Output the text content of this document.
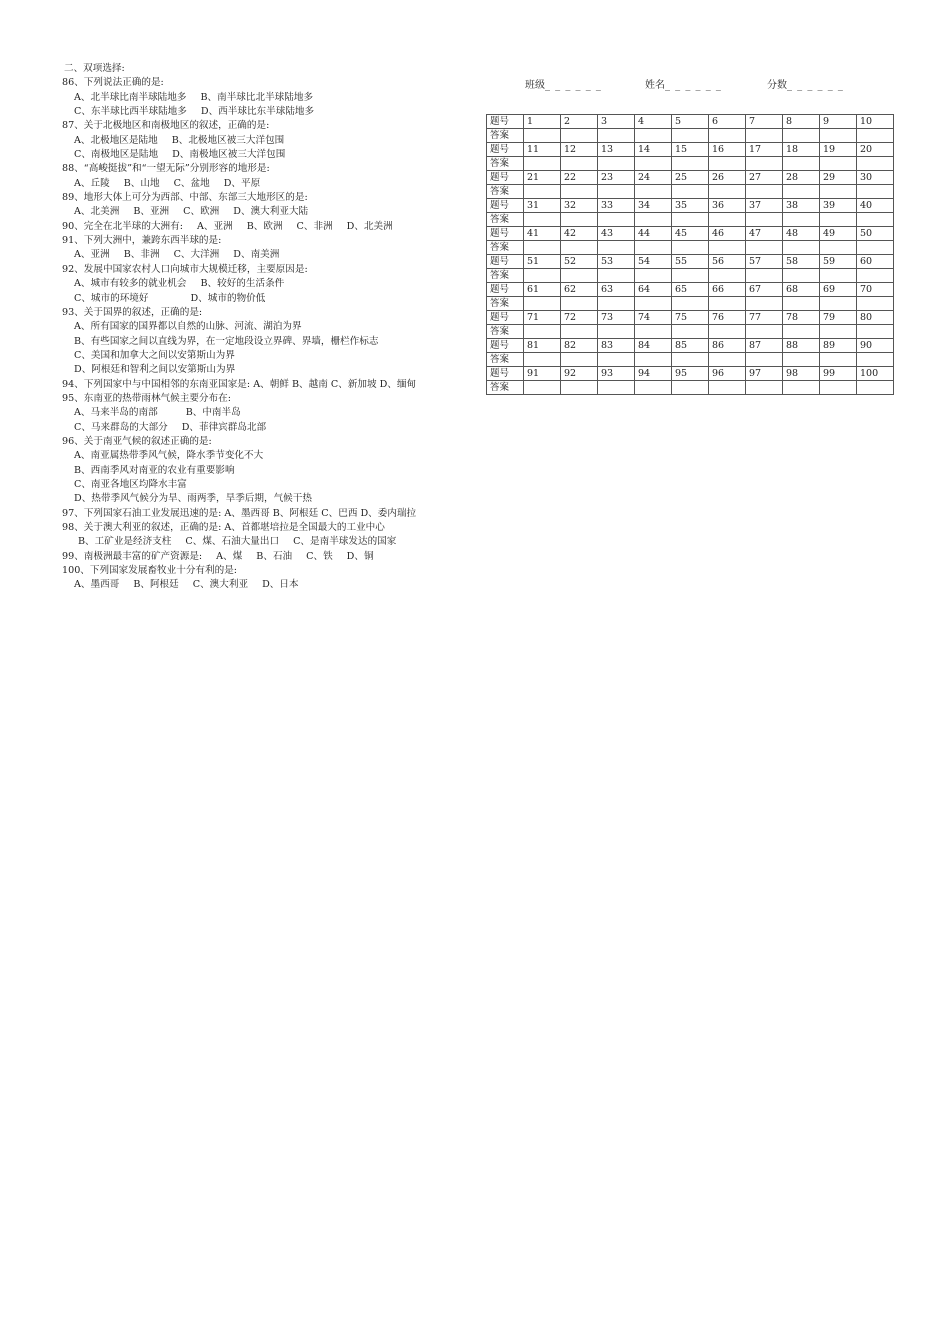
二、双项选择:
86、下列说法正确的是:
A、北半球比南半球陆地多 B、南半球比北半球陆地多
C、东半球比西半球陆地多 D、西半球比东半球陆地多
87、关于北极地区和南极地区的叙述，正确的是:
A、北极地区是陆地 B、北极地区被三大洋包围
C、南极地区是陆地 D、南极地区被三大洋包围
88、“高峻挺拔”和“一望无际”分别形容的地形是:
A、丘陵 B、山地 C、盆地 D、平原
89、地形大体上可分为西部、中部、东部三大地形区的是:
A、北美洲 B、亚洲 C、欧洲 D、澳大利亚大陆
90、完全在北半球的大洲有: A、亚洲 B、欧洲 C、非洲 D、北美洲
91、下列大洲中，兼跨东西半球的是:
A、亚洲 B、非洲 C、大洋洲 D、南美洲
92、发展中国家农村人口向城市大规模迁移，主要原因是:
A、城市有较多的就业机会 B、较好的生活条件
C、城市的环境好	D、城市的物价低
93、关于国界的叙述，正确的是:
A、所有国家的国界都以自然的山脉、河流、湖泊为界
B、有些国家之间以直线为界，在一定地段设立界碑、界墙，栅栏作标志
C、美国和加拿大之间以安第斯山为界
D、阿根廷和智利之间以安第斯山为界
94、下列国家中与中国相邻的东南亚国家是: A、朝鲜 B、越南 C、新加坡 D、缅甸
95、东南亚的热带雨林气候主要分布在:
A、马来半岛的南部	B、中南半岛
C、马来群岛的大部分 D、菲律宾群岛北部
96、关于南亚气候的叙述正确的是:
A、南亚属热带季风气候，降水季节变化不大
B、西南季风对南亚的农业有重要影响
C、南亚各地区均降水丰富
D、热带季风气候分为旱、雨两季，旱季后期，气候干热
97、下列国家石油工业发展迅速的是: A、墨西哥 B、阿根廷 C、巴西 D、委内瑞拉
98、关于澳大利亚的叙述，正确的是: A、首都堪培拉是全国最大的工业中心
B、工矿业是经济支柱 C、煤、石油大量出口 C、是南半球发达的国家
99、南极洲最丰富的矿产资源是: A、煤 B、石油 C、铁 D、铜
100、下列国家发展畜牧业十分有利的是:
A、墨西哥 B、阿根廷 C、澳大利亚 D、日本
班级_ _ _ _ _ _	姓名_ _ _ _ _ _	分数_ _ _ _ _ _
题号	1	2	3	4	5	6	7	8	9	10
答案										
题号	11	12	13	14	15	16	17	18	19	20
答案										
题号	21	22	23	24	25	26	27	28	29	30
答案										
题号	31	32	33	34	35	36	37	38	39	40
答案										
题号	41	42	43	44	45	46	47	48	49	50
答案										
题号	51	52	53	54	55	56	57	58	59	60
答案										
题号	61	62	63	64	65	66	67	68	69	70
答案										
题号	71	72	73	74	75	76	77	78	79	80
答案										
题号	81	82	83	84	85	86	87	88	89	90
答案										
题号	91	92	93	94	95	96	97	98	99	100
答案										
